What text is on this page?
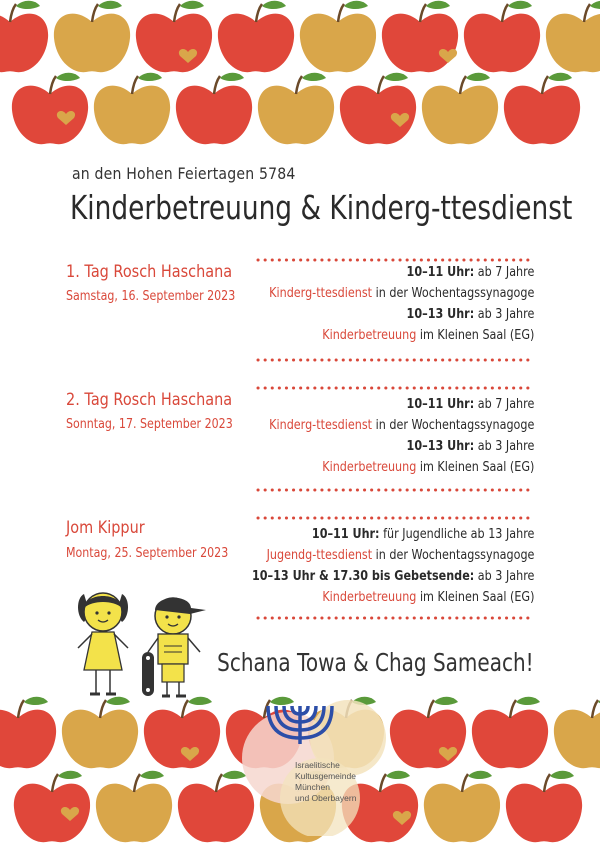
an den Hohen Feiertagen 5784
Kinderbetreuung & Kinderg-ttesdienst
1. Tag Rosch Haschana
Samstag, 16. September 2023
10–11 Uhr: ab 7 Jahre
Kinderg-ttesdienst in der Wochentagssynagoge
10–13 Uhr: ab 3 Jahre
Kinderbetreuung im Kleinen Saal (EG)
2. Tag Rosch Haschana
Sonntag, 17. September 2023
10–11 Uhr: ab 7 Jahre
Kinderg-ttesdienst in der Wochentagssynagoge
10–13 Uhr: ab 3 Jahre
Kinderbetreuung im Kleinen Saal (EG)
Jom Kippur
Montag, 25. September 2023
10–11 Uhr: für Jugendliche ab 13 Jahre
Jugendg-ttesdienst in der Wochentagssynagoge
10–13 Uhr & 17.30 bis Gebetsende: ab 3 Jahre
Kinderbetreuung im Kleinen Saal (EG)
Schana Towa & Chag Sameach!
Israelitische
Kultusgemeinde
München
und Oberbayern
